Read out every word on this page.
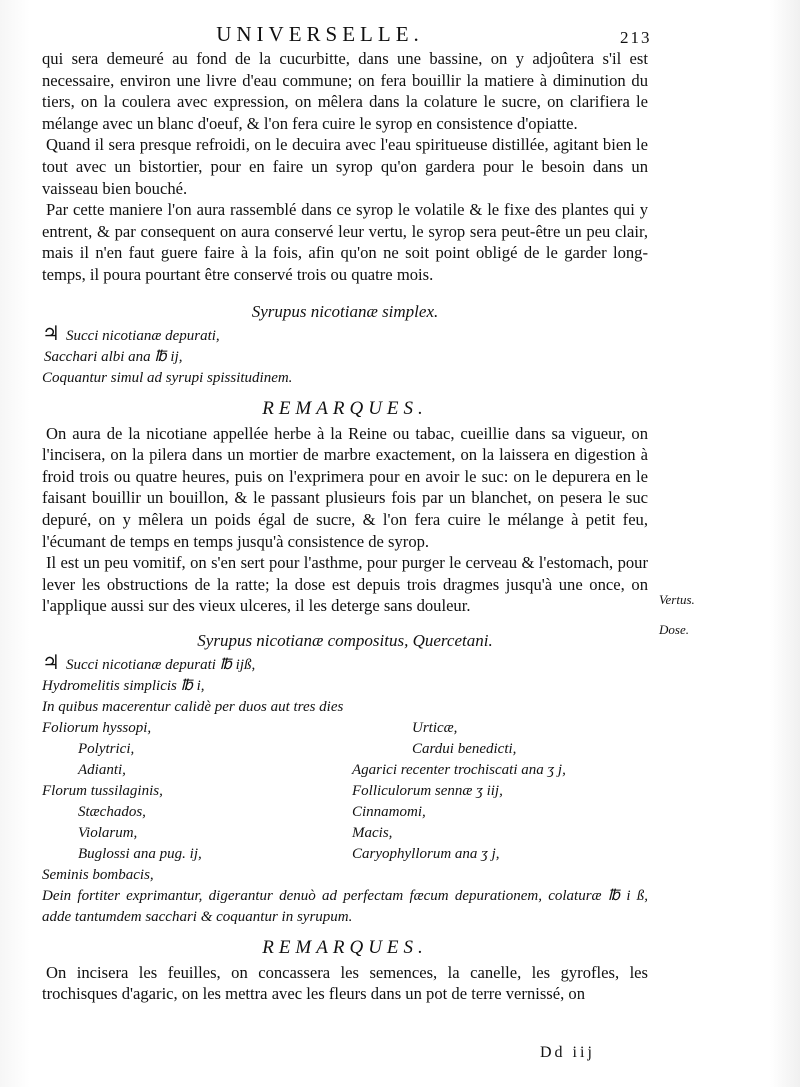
UNIVERSELLE.	213

qui sera demeuré au fond de la cucurbitte, dans une bassine, on y adjoûtera s'il est necessaire, environ une livre d'eau commune; on fera bouillir la matiere à diminution du tiers, on la coulera avec expression, on mêlera dans la colature le sucre, on clarifiera le mélange avec un blanc d'oeuf, & l'on fera cuire le syrop en consistence d'opiatte.

Quand il sera presque refroidi, on le decuira avec l'eau spiritueuse distillée, agitant bien le tout avec un bistortier, pour en faire un syrop qu'on gardera pour le besoin dans un vaisseau bien bouché.

Par cette maniere l'on aura rassemblé dans ce syrop le volatile & le fixe des plantes qui y entrent, & par consequent on aura conservé leur vertu, le syrop sera peut-être un peu clair, mais il n'en faut guere faire à la fois, afin qu'on ne soit point obligé de le garder long-temps, il poura pourtant être conservé trois ou quatre mois.

Syrupus nicotianæ simplex.

♃ Succi nicotianæ depurati,

Sacchari albi ana ℔ ij,

Coquantur simul ad syrupi spissitudinem.

REMARQUES.

On aura de la nicotiane appellée herbe à la Reine ou tabac, cueillie dans sa vigueur, on l'incisera, on la pilera dans un mortier de marbre exactement, on la laissera en digestion à froid trois ou quatre heures, puis on l'exprimera pour en avoir le suc: on le depurera en le faisant bouillir un bouillon, & le passant plusieurs fois par un blanchet, on pesera le suc depuré, on y mêlera un poids égal de sucre, & l'on fera cuire le mélange à petit feu, l'écumant de temps en temps jusqu'à consistence de syrop.

Il est un peu vomitif, on s'en sert pour l'asthme, pour purger le cerveau & l'estomach, pour lever les obstructions de la ratte; la dose est depuis trois dragmes jusqu'à une once, on l'applique aussi sur des vieux ulceres, il les deterge sans douleur.

Syrupus nicotianæ compositus, Quercetani.

♃ Succi nicotianæ depurati ℔ ijß,

Hydromelitis simplicis ℔ i,

In quibus macerentur calidè per duos aut tres dies

Foliorum hyssopi,	Urticæ,
Polytrici,	Cardui benedicti,
Adianti,	Agarici recenter trochiscati ana ʒ j,
Florum tussilaginis,	Folliculorum sennæ ʒ iij,
Stæchados,	Cinnamomi,
Violarum,	Macis,
Buglossi ana pug. ij,	Caryophyllorum ana ʒ j,

Seminis bombacis,

Dein fortiter exprimantur, digerantur denuò ad perfectam fæcum depurationem, colaturæ ℔ i ß, adde tantumdem sacchari & coquantur in syrupum.

REMARQUES.

On incisera les feuilles, on concassera les semences, la canelle, les gyrofles, les trochisques d'agaric, on les mettra avec les fleurs dans un pot de terre vernissé, on

Vertus.
Dose.
Dd iij
